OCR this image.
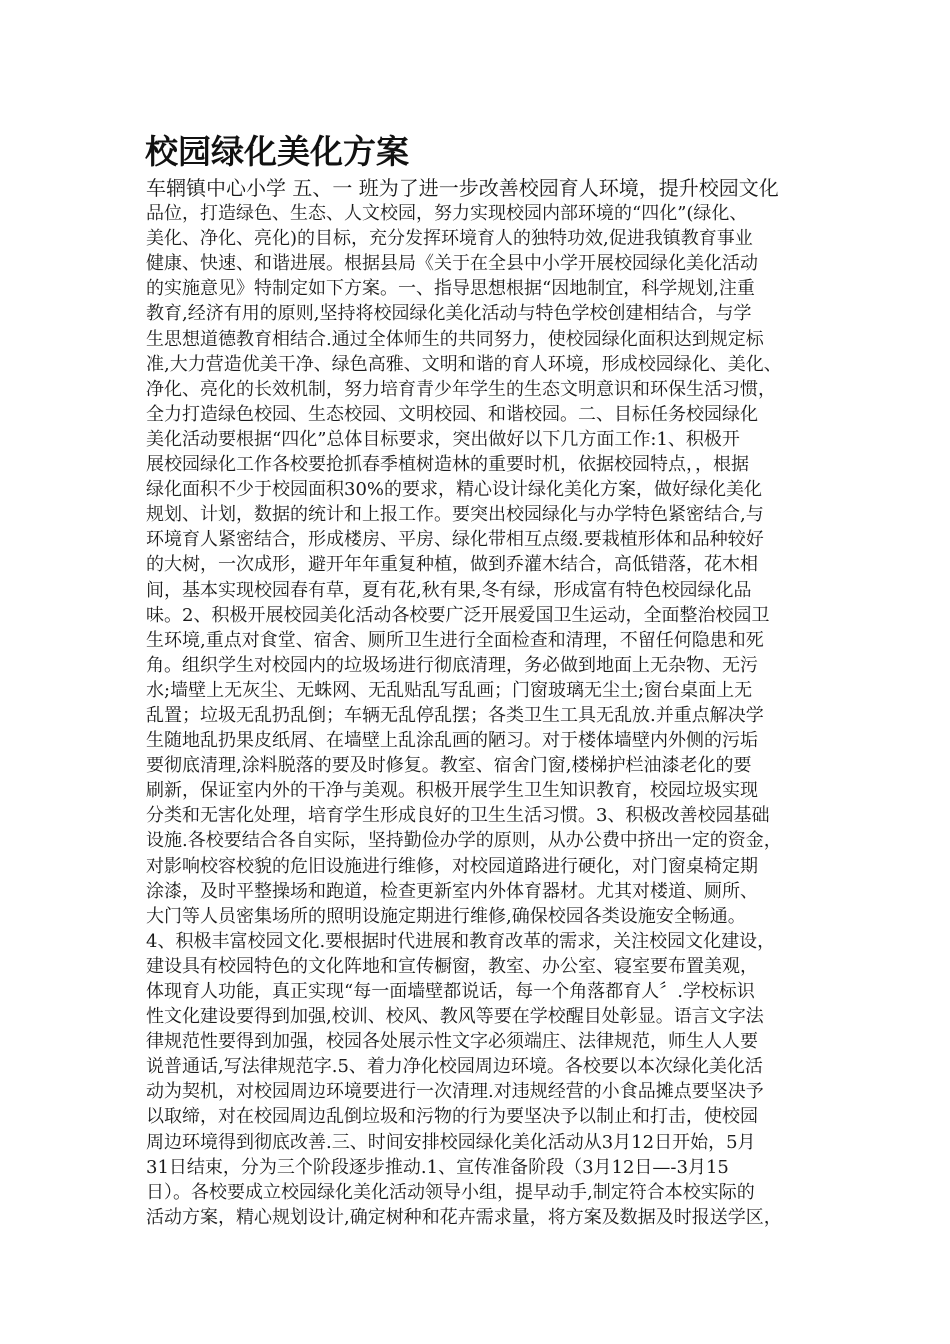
校园绿化美化方案
车辋镇中心小学 五、一 班为了进一步改善校园育人环境，提升校园文化
品位，打造绿色、生态、人文校园，努力实现校园内部环境的“四化”(绿化、
美化、净化、亮化)的目标，充分发挥环境育人的独特功效,促进我镇教育事业
健康、快速、和谐进展。根据县局《关于在全县中小学开展校园绿化美化活动
的实施意见》特制定如下方案。一、指导思想根据“因地制宜，科学规划,注重
教育,经济有用的原则,坚持将校园绿化美化活动与特色学校创建相结合，与学
生思想道德教育相结合.通过全体师生的共同努力，使校园绿化面积达到规定标
准,大力营造优美干净、绿色高雅、文明和谐的育人环境，形成校园绿化、美化、
净化、亮化的长效机制，努力培育青少年学生的生态文明意识和环保生活习惯，
全力打造绿色校园、生态校园、文明校园、和谐校园。二、目标任务校园绿化
美化活动要根据“四化”总体目标要求，突出做好以下几方面工作:1、积极开
展校园绿化工作各校要抢抓春季植树造林的重要时机，依据校园特点，，根据
绿化面积不少于校园面积30%的要求，精心设计绿化美化方案，做好绿化美化
规划、计划，数据的统计和上报工作。要突出校园绿化与办学特色紧密结合,与
环境育人紧密结合，形成楼房、平房、绿化带相互点缀.要栽植形体和品种较好
的大树，一次成形，避开年年重复种植，做到乔灌木结合，高低错落，花木相
间，基本实现校园春有草，夏有花,秋有果,冬有绿，形成富有特色校园绿化品
味。2、积极开展校园美化活动各校要广泛开展爱国卫生运动，全面整治校园卫
生环境,重点对食堂、宿舍、厕所卫生进行全面检查和清理，不留任何隐患和死
角。组织学生对校园内的垃圾场进行彻底清理，务必做到地面上无杂物、无污
水;墙壁上无灰尘、无蛛网、无乱贴乱写乱画；门窗玻璃无尘土;窗台桌面上无
乱置；垃圾无乱扔乱倒；车辆无乱停乱摆；各类卫生工具无乱放.并重点解决学
生随地乱扔果皮纸屑、在墙壁上乱涂乱画的陋习。对于楼体墙壁内外侧的污垢
要彻底清理,涂料脱落的要及时修复。教室、宿舍门窗,楼梯护栏油漆老化的要
刷新，保证室内外的干净与美观。积极开展学生卫生知识教育，校园垃圾实现
分类和无害化处理，培育学生形成良好的卫生生活习惯。3、积极改善校园基础
设施.各校要结合各自实际，坚持勤俭办学的原则，从办公费中挤出一定的资金，
对影响校容校貌的危旧设施进行维修，对校园道路进行硬化，对门窗桌椅定期
涂漆，及时平整操场和跑道，检查更新室内外体育器材。尤其对楼道、厕所、
大门等人员密集场所的照明设施定期进行维修,确保校园各类设施安全畅通。
4、积极丰富校园文化.要根据时代进展和教育改革的需求，关注校园文化建设，
建设具有校园特色的文化阵地和宣传橱窗，教室、办公室、寝室要布置美观，
体现育人功能，真正实现“每一面墙壁都说话，每一个角落都育人〞.学校标识
性文化建设要得到加强,校训、校风、教风等要在学校醒目处彰显。语言文字法
律规范性要得到加强，校园各处展示性文字必须端庄、法律规范，师生人人要
说普通话,写法律规范字.5、着力净化校园周边环境。各校要以本次绿化美化活
动为契机，对校园周边环境要进行一次清理.对违规经营的小食品摊点要坚决予
以取缔，对在校园周边乱倒垃圾和污物的行为要坚决予以制止和打击，使校园
周边环境得到彻底改善.三、时间安排校园绿化美化活动从3月12日开始，5月
31日结束，分为三个阶段逐步推动.1、宣传准备阶段（3月12日—-3月15
日）。各校要成立校园绿化美化活动领导小组，提早动手,制定符合本校实际的
活动方案，精心规划设计,确定树种和花卉需求量，将方案及数据及时报送学区，
